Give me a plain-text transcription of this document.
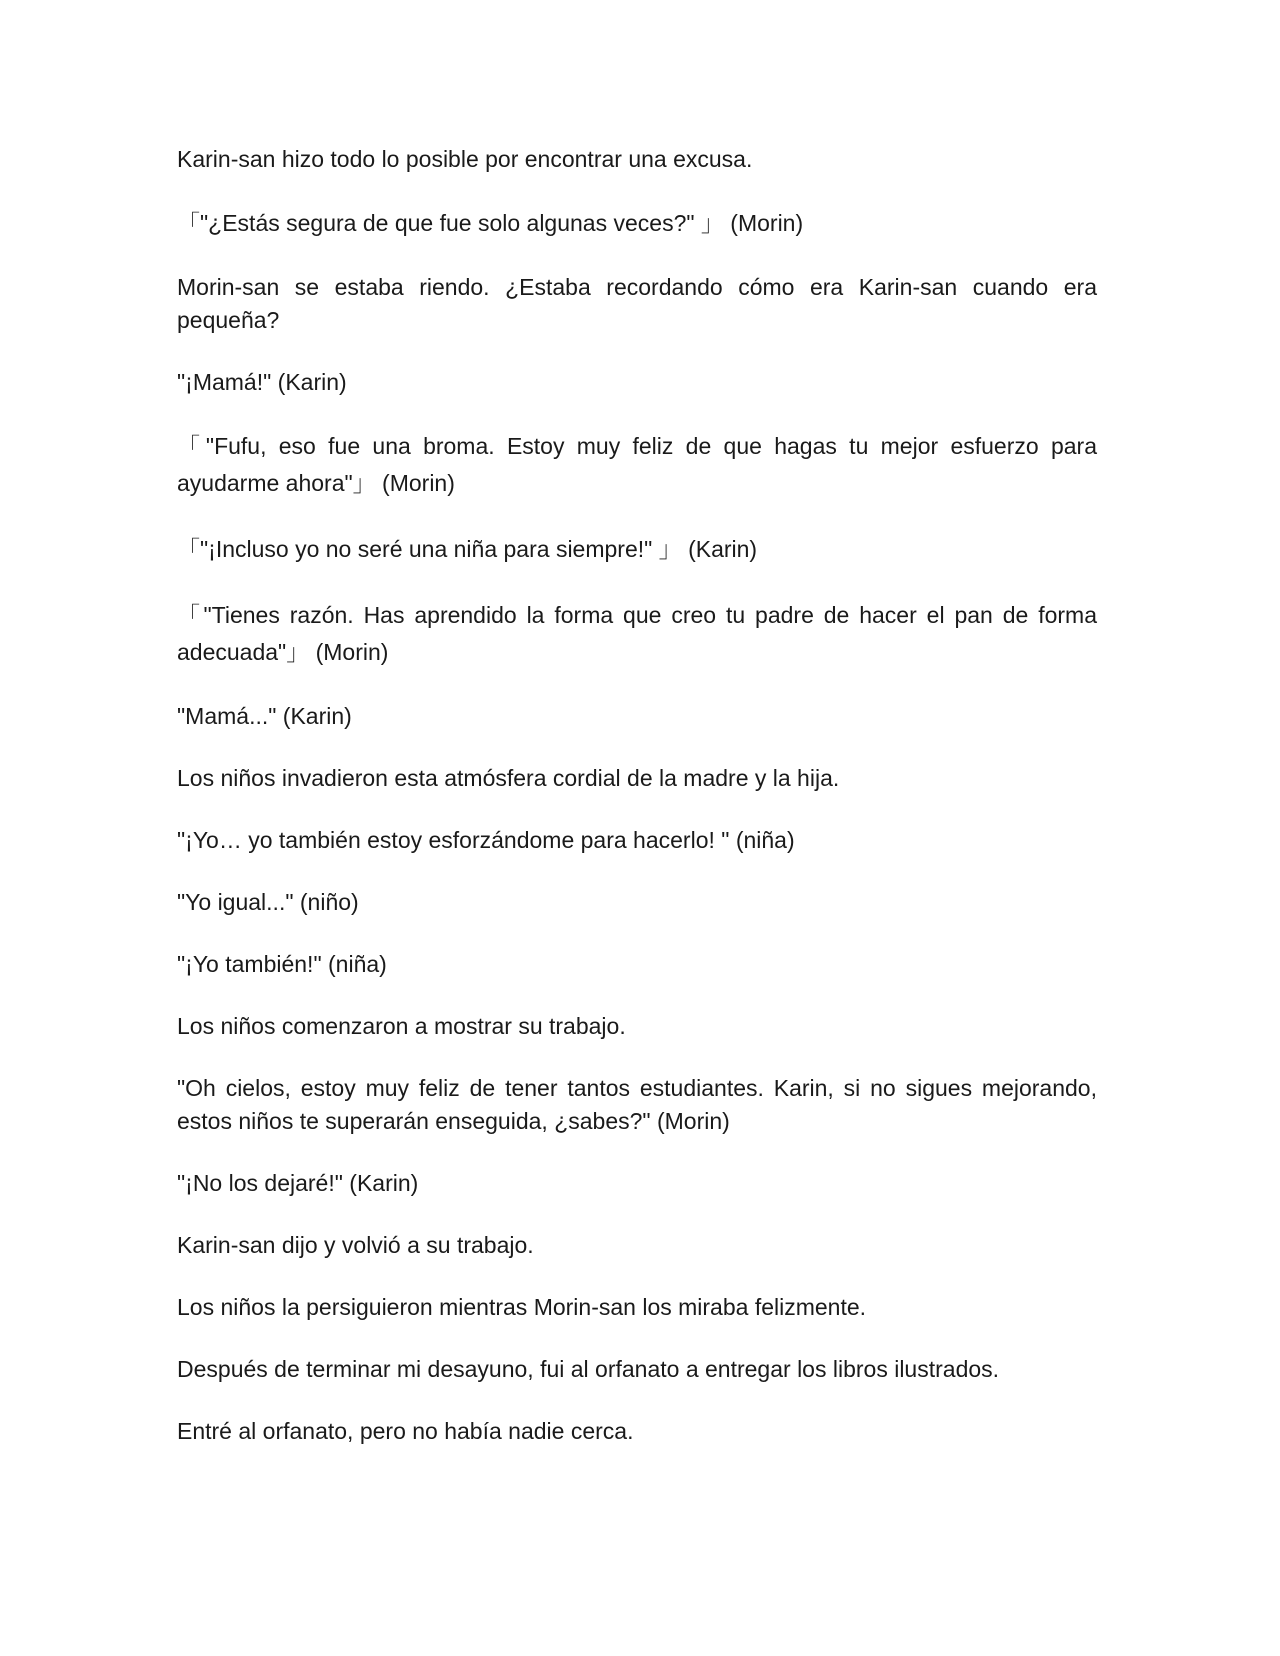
Karin-san hizo todo lo posible por encontrar una excusa.

「"¿Estás segura de que fue solo algunas veces?" 」 (Morin)

Morin-san se estaba riendo. ¿Estaba recordando cómo era Karin-san cuando era pequeña?

"¡Mamá!" (Karin)

「"Fufu, eso fue una broma. Estoy muy feliz de que hagas tu mejor esfuerzo para ayudarme ahora"」 (Morin)

「"¡Incluso yo no seré una niña para siempre!" 」 (Karin)

「"Tienes razón. Has aprendido la forma que creo tu padre de hacer el pan de forma adecuada"」 (Morin)

"Mamá..." (Karin)

Los niños invadieron esta atmósfera cordial de la madre y la hija.

"¡Yo… yo también estoy esforzándome para hacerlo! " (niña)

"Yo igual..." (niño)

"¡Yo también!" (niña)

Los niños comenzaron a mostrar su trabajo.

"Oh cielos, estoy muy feliz de tener tantos estudiantes. Karin, si no sigues mejorando, estos niños te superarán enseguida, ¿sabes?" (Morin)

"¡No los dejaré!" (Karin)

Karin-san dijo y volvió a su trabajo.

Los niños la persiguieron mientras Morin-san los miraba felizmente.

Después de terminar mi desayuno, fui al orfanato a entregar los libros ilustrados.

Entré al orfanato, pero no había nadie cerca.
